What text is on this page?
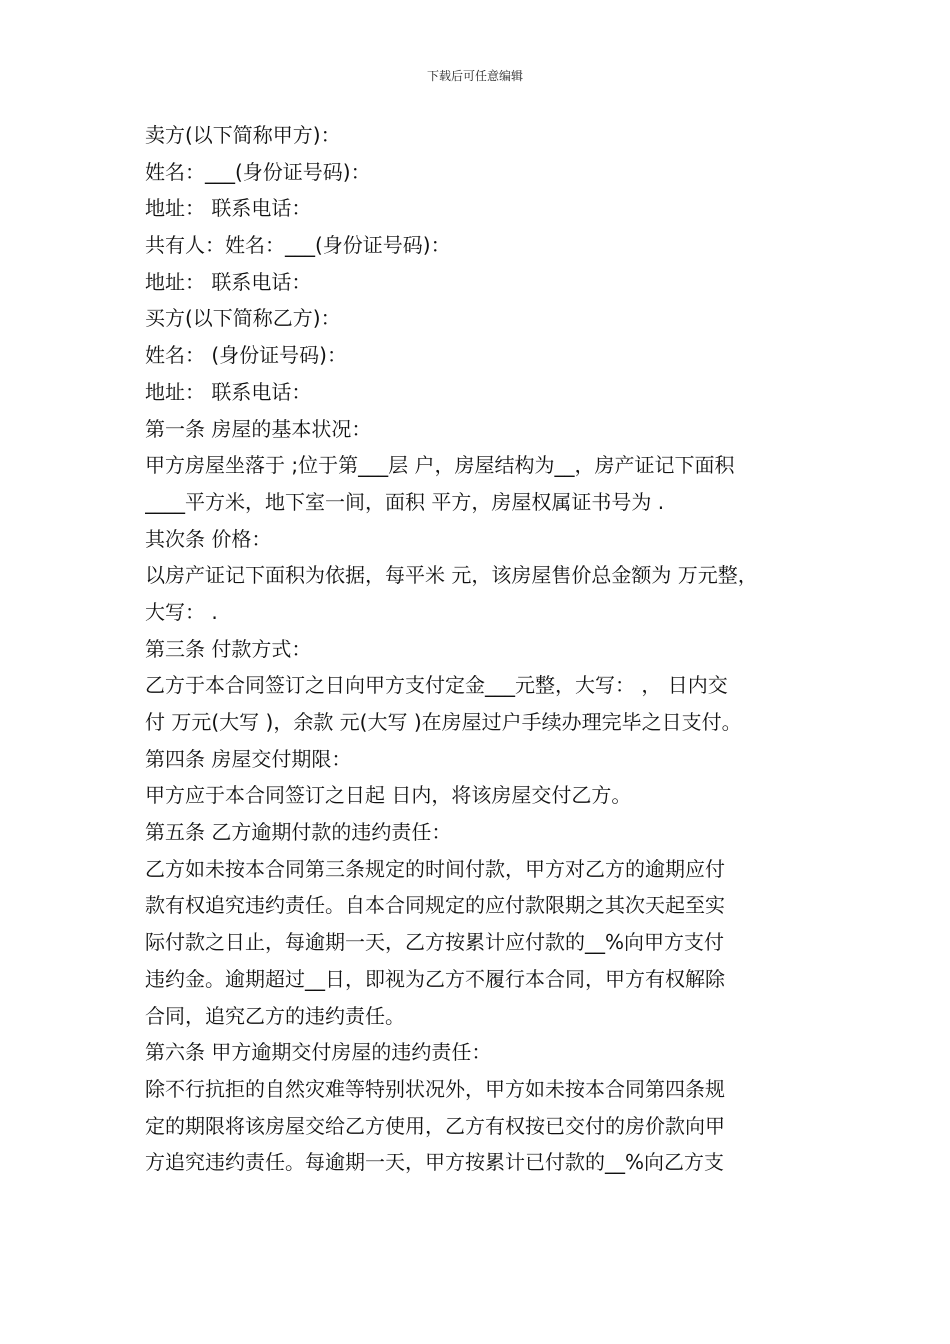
下载后可任意编辑
卖方(以下简称甲方)：
姓名：___(身份证号码)：
地址： 联系电话：
共有人：姓名：___(身份证号码)：
地址： 联系电话：
买方(以下简称乙方)：
姓名： (身份证号码)：
地址： 联系电话：
第一条 房屋的基本状况：
甲方房屋坐落于 ;位于第___层 户，房屋结构为__，房产证记下面积
____平方米，地下室一间，面积 平方，房屋权属证书号为 .
其次条 价格：
以房产证记下面积为依据，每平米 元，该房屋售价总金额为 万元整，
大写： .
第三条 付款方式：
乙方于本合同签订之日向甲方支付定金___元整，大写： ， 日内交
付 万元(大写 )，余款 元(大写 )在房屋过户手续办理完毕之日支付。
第四条 房屋交付期限：
甲方应于本合同签订之日起 日内，将该房屋交付乙方。
第五条 乙方逾期付款的违约责任：
乙方如未按本合同第三条规定的时间付款，甲方对乙方的逾期应付
款有权追究违约责任。自本合同规定的应付款限期之其次天起至实
际付款之日止，每逾期一天，乙方按累计应付款的__%向甲方支付
违约金。逾期超过__日，即视为乙方不履行本合同，甲方有权解除
合同，追究乙方的违约责任。
第六条 甲方逾期交付房屋的违约责任：
除不行抗拒的自然灾难等特别状况外，甲方如未按本合同第四条规
定的期限将该房屋交给乙方使用，乙方有权按已交付的房价款向甲
方追究违约责任。每逾期一天，甲方按累计已付款的__%向乙方支
